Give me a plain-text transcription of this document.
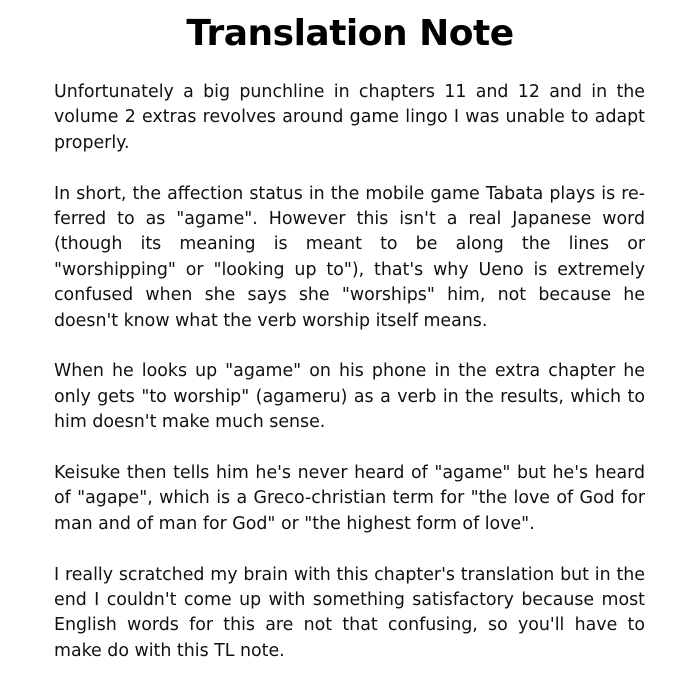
Translation Note

Unfortunately a big punchline in chapters 11 and 12 and in the volume 2 extras revolves around game lingo I was unable to adapt properly.

In short, the affection status in the mobile game Tabata plays is referred to as "agame". However this isn't a real Japanese word (though its meaning is meant to be along the lines or "worshipping" or "looking up to"), that's why Ueno is extremely confused when she says she "worships" him, not because he doesn't know what the verb worship itself means.

When he looks up "agame" on his phone in the extra chapter he only gets "to worship" (agameru) as a verb in the results, which to him doesn't make much sense.

Keisuke then tells him he's never heard of "agame" but he's heard of "agape", which is a Greco-christian term for "the love of God for man and of man for God" or "the highest form of love".

I really scratched my brain with this chapter's translation but in the end I couldn't come up with something satisfactory because most English words for this are not that confusing, so you'll have to make do with this TL note.
